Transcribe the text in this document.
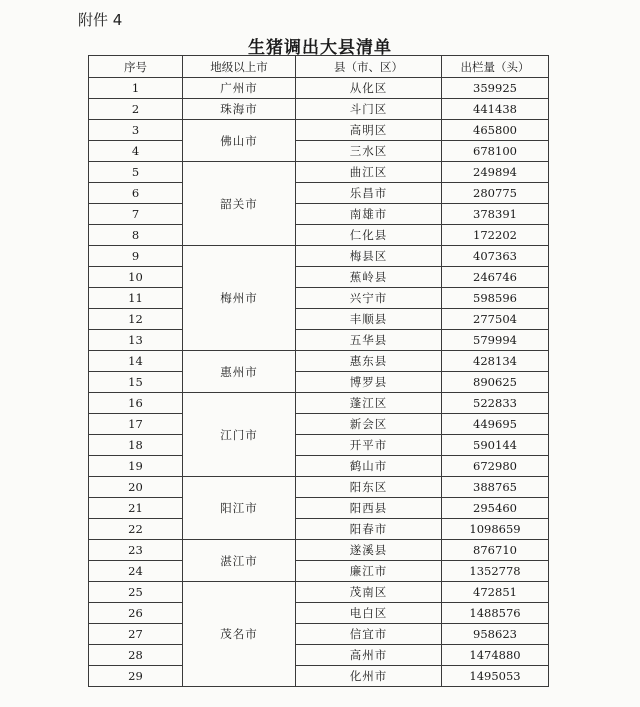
附件 4
生猪调出大县清单
序号	地级以上市	县（市、区）	出栏量（头）
1	广州市	从化区	359925
2	珠海市	斗门区	441438
3	佛山市	高明区	465800
4		三水区	678100
5	韶关市	曲江区	249894
6		乐昌市	280775
7		南雄市	378391
8		仁化县	172202
9	梅州市	梅县区	407363
10		蕉岭县	246746
11		兴宁市	598596
12		丰顺县	277504
13		五华县	579994
14	惠州市	惠东县	428134
15		博罗县	890625
16	江门市	蓬江区	522833
17		新会区	449695
18		开平市	590144
19		鹤山市	672980
20	阳江市	阳东区	388765
21		阳西县	295460
22		阳春市	1098659
23	湛江市	遂溪县	876710
24		廉江市	1352778
25	茂名市	茂南区	472851
26		电白区	1488576
27		信宜市	958623
28		高州市	1474880
29		化州市	1495053
